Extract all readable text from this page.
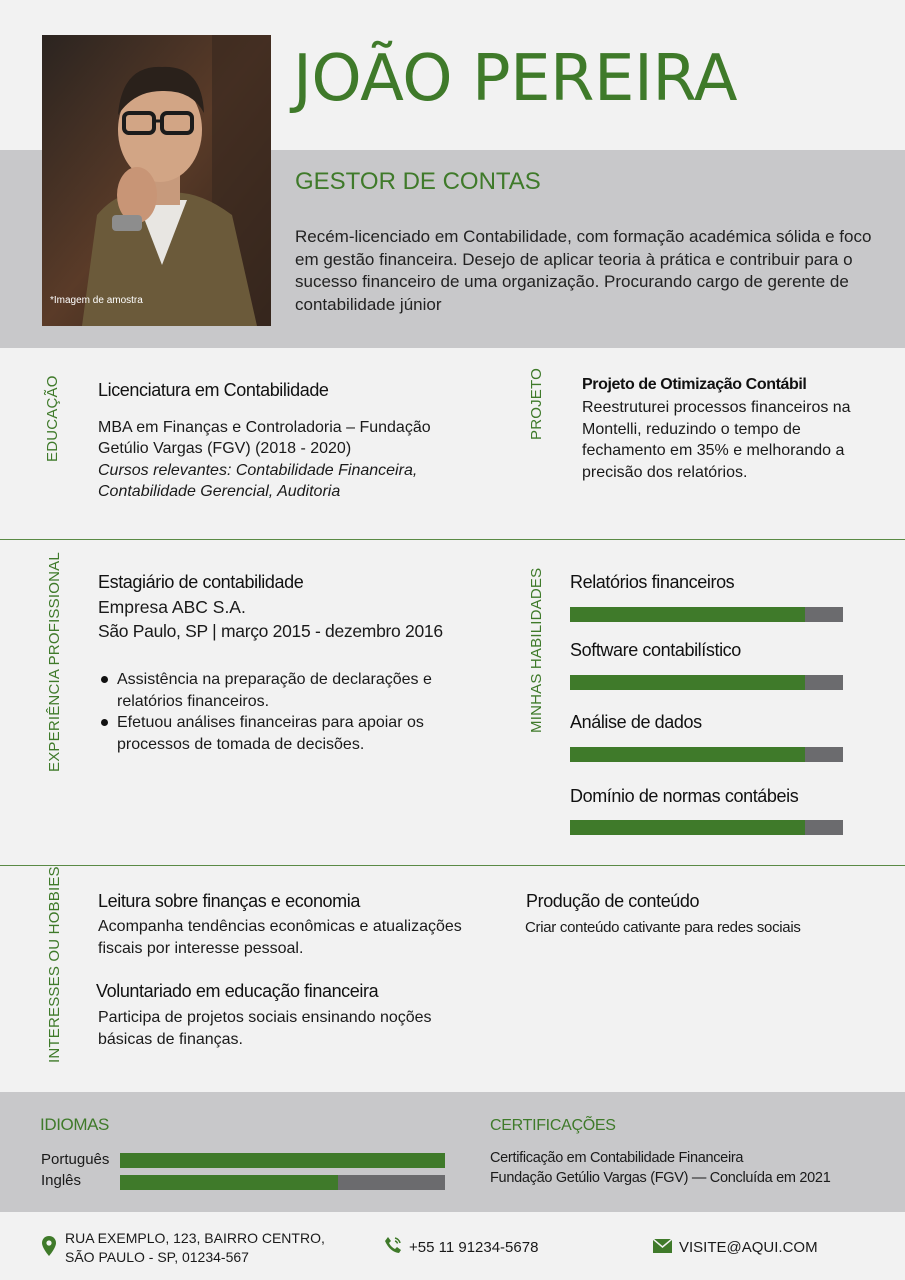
*Imagem de amostra
JOÃO PEREIRA
GESTOR DE CONTAS
Recém-licenciado em Contabilidade, com formação académica sólida e foco em gestão financeira. Desejo de aplicar teoria à prática e contribuir para o sucesso financeiro de uma organização. Procurando cargo de gerente de contabilidade júnior
EDUCAÇÃO Licenciatura em Contabilidade
MBA em Finanças e Controladoria – Fundação
Getúlio Vargas (FGV) (2018 - 2020)
Cursos relevantes: Contabilidade Financeira,
Contabilidade Gerencial, Auditoria
PROJETO Projeto de Otimização Contábil
Reestruturei processos financeiros na Montelli, reduzindo o tempo de fechamento em 35% e melhorando a precisão dos relatórios.
EXPERIÊNCIA PROFISSIONAL Estagiário de contabilidade
Empresa ABC S.A.
São Paulo, SP | março 2015 - dezembro 2016
Assistência na preparação de declarações e relatórios financeiros.
Efetuou análises financeiras para apoiar os processos de tomada de decisões.
MINHAS HABILIDADES Relatórios financeiros
Software contabilístico
Análise de dados
Domínio de normas contábeis
INTERESSES OU HOBBIES Leitura sobre finanças e economia
Acompanha tendências econômicas e atualizações fiscais por interesse pessoal.
Voluntariado em educação financeira
Participa de projetos sociais ensinando noções básicas de finanças.
Produção de conteúdo
Criar conteúdo cativante para redes sociais
IDIOMAS
Português
Inglês
CERTIFICAÇÕES
Certificação em Contabilidade Financeira
Fundação Getúlio Vargas (FGV) — Concluída em 2021
RUA EXEMPLO, 123, BAIRRO CENTRO,
SÃO PAULO - SP, 01234-567
+55 11 91234-5678	VISITE@AQUI.COM
